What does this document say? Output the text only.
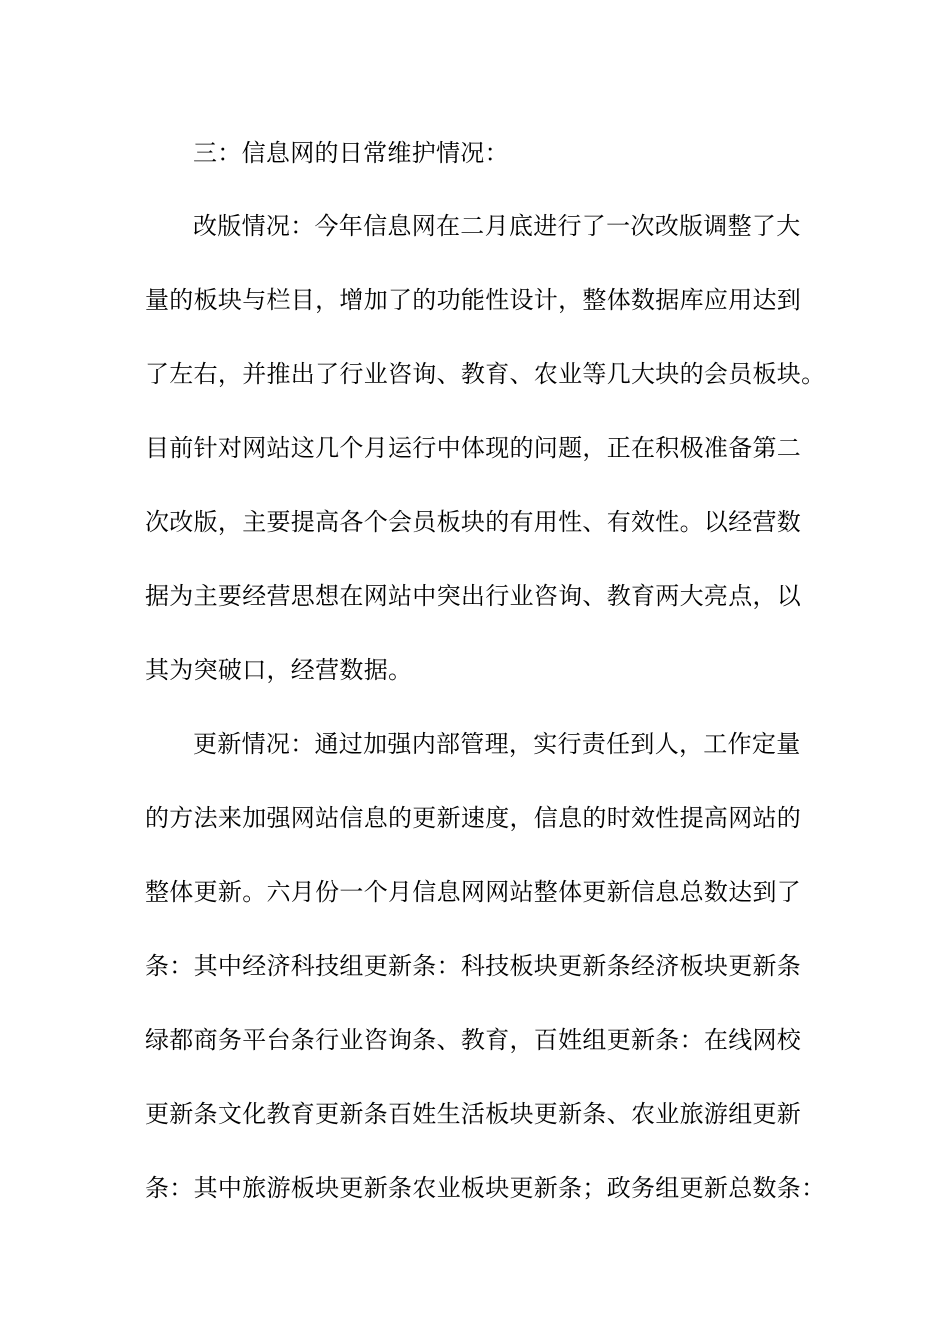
三：信息网的日常维护情况：
改版情况：今年信息网在二月底进行了一次改版调整了大
量的板块与栏目，增加了的功能性设计，整体数据库应用达到
了左右，并推出了行业咨询、教育、农业等几大块的会员板块。
目前针对网站这几个月运行中体现的问题，正在积极准备第二
次改版，主要提高各个会员板块的有用性、有效性。以经营数
据为主要经营思想在网站中突出行业咨询、教育两大亮点，以
其为突破口，经营数据。
更新情况：通过加强内部管理，实行责任到人，工作定量
的方法来加强网站信息的更新速度，信息的时效性提高网站的
整体更新。六月份一个月信息网网站整体更新信息总数达到了
条：其中经济科技组更新条：科技板块更新条经济板块更新条
绿都商务平台条行业咨询条、教育，百姓组更新条：在线网校
更新条文化教育更新条百姓生活板块更新条、农业旅游组更新
条：其中旅游板块更新条农业板块更新条；政务组更新总数条：
